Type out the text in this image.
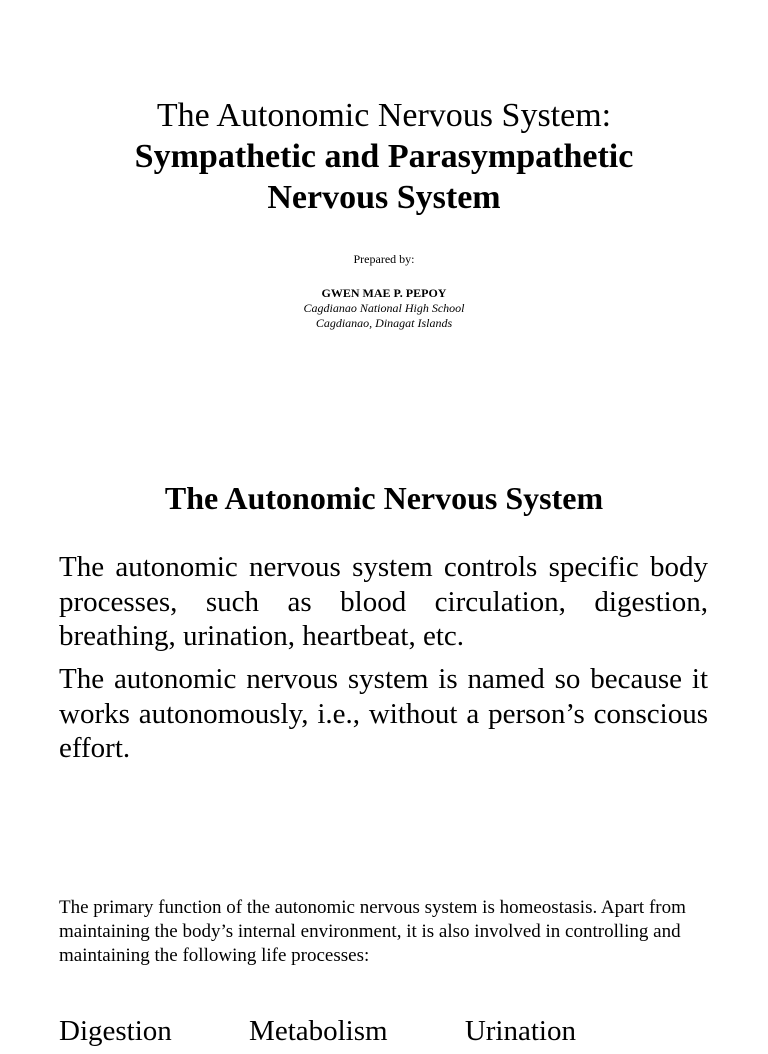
The Autonomic Nervous System:
Sympathetic and Parasympathetic
Nervous System
Prepared by:
GWEN MAE P. PEPOY
Cagdianao National High School
Cagdianao, Dinagat Islands
The Autonomic Nervous System

The autonomic nervous system controls specific body processes, such as blood circulation, digestion, breathing, urination, heartbeat, etc.

The autonomic nervous system is named so because it works autonomously, i.e., without a person’s conscious effort.

The primary function of the autonomic nervous system is homeostasis. Apart from maintaining the body’s internal environment, it is also involved in controlling and maintaining the following life processes:

Digestion	Metabolism	Urination
